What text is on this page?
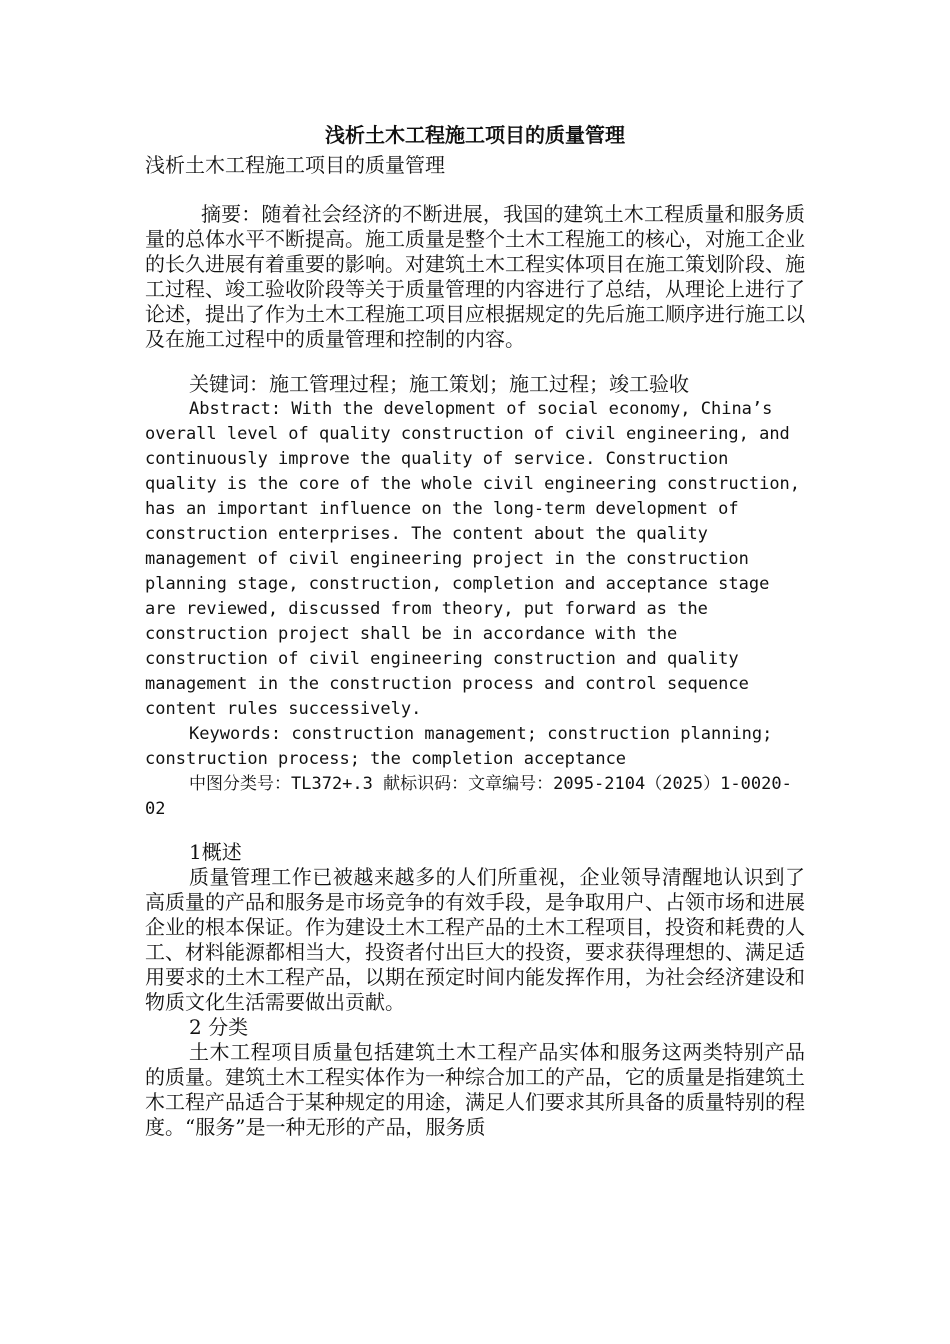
浅析土木工程施工项目的质量管理

浅析土木工程施工项目的质量管理

摘要：随着社会经济的不断进展，我国的建筑土木工程质量和服务质量的总体水平不断提高。施工质量是整个土木工程施工的核心，对施工企业的长久进展有着重要的影响。对建筑土木工程实体项目在施工策划阶段、施工过程、竣工验收阶段等关于质量管理的内容进行了总结，从理论上进行了论述，提出了作为土木工程施工项目应根据规定的先后施工顺序进行施工以及在施工过程中的质量管理和控制的内容。

关键词：施工管理过程；施工策划；施工过程；竣工验收

Abstract: With the development of social economy, China’s overall level of quality construction of civil engineering, and continuously improve the quality of service. Construction quality is the core of the whole civil engineering construction, has an important influence on the long-term development of construction enterprises. The content about the quality management of civil engineering project in the construction planning stage, construction, completion and acceptance stage are reviewed, discussed from theory, put forward as the construction project shall be in accordance with the construction of civil engineering construction and quality management in the construction process and control sequence content rules successively.

Keywords: construction management; construction planning; construction process; the completion acceptance

中图分类号：TL372+.3 献标识码：文章编号：2095-2104（2025）1-0020-02

1概述

质量管理工作已被越来越多的人们所重视，企业领导清醒地认识到了高质量的产品和服务是市场竞争的有效手段，是争取用户、占领市场和进展企业的根本保证。作为建设土木工程产品的土木工程项目，投资和耗费的人工、材料能源都相当大，投资者付出巨大的投资，要求获得理想的、满足适用要求的土木工程产品，以期在预定时间内能发挥作用，为社会经济建设和物质文化生活需要做出贡献。

2 分类

土木工程项目质量包括建筑土木工程产品实体和服务这两类特别产品的质量。建筑土木工程实体作为一种综合加工的产品，它的质量是指建筑土木工程产品适合于某种规定的用途，满足人们要求其所具备的质量特别的程度。“服务”是一种无形的产品，服务质
